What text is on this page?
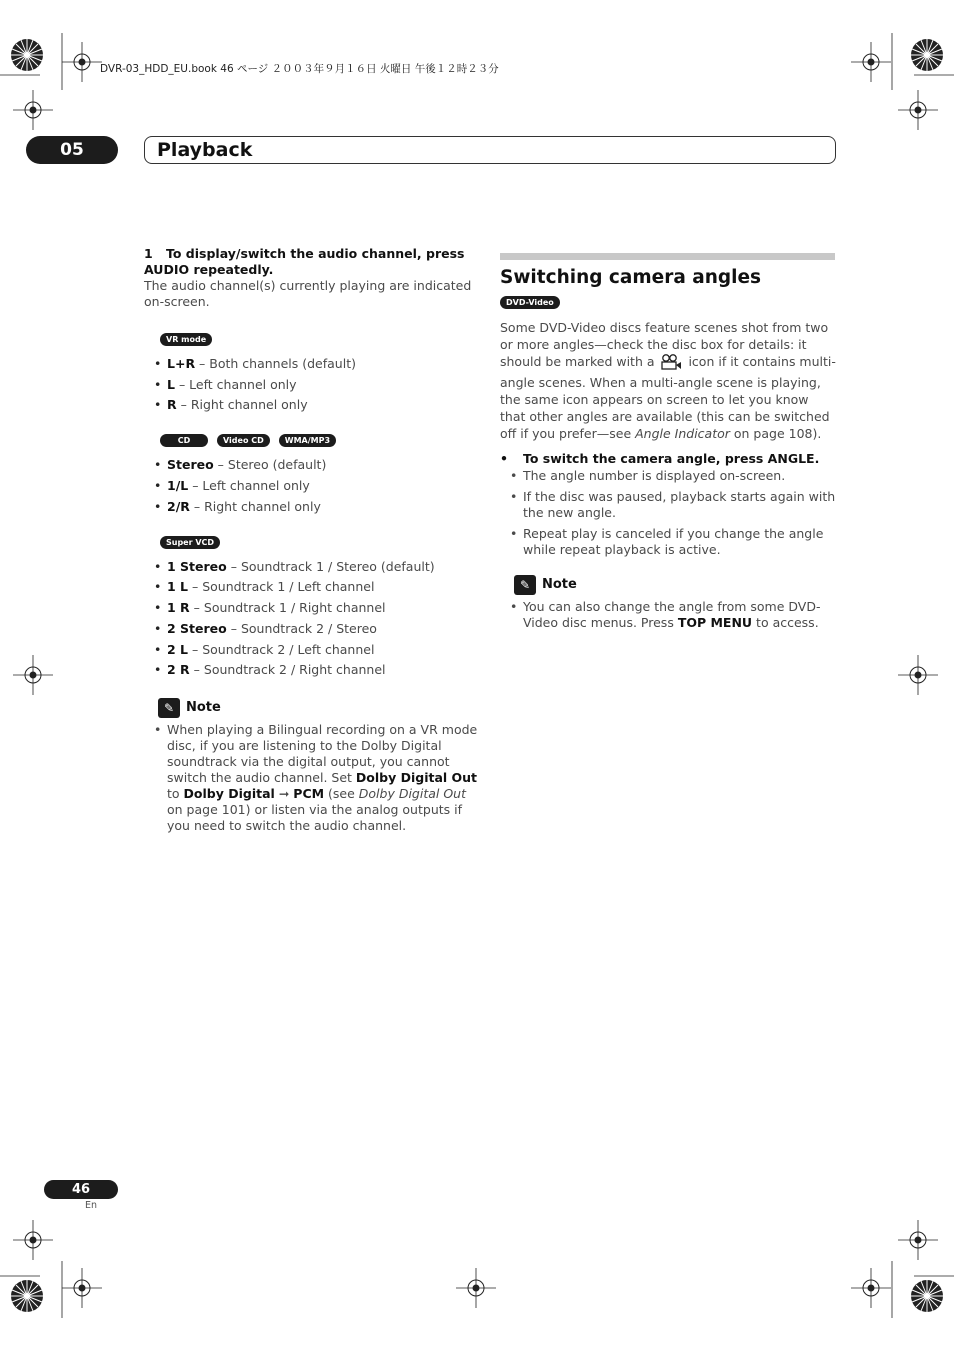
DVR-03_HDD_EU.book 46 ページ ２００３年９月１６日 火曜日 午後１２時２３分
05	Playback

1 To display/switch the audio channel, press AUDIO repeatedly.

The audio channel(s) currently playing are indicated on-screen.

VR mode
• L+R – Both channels (default)
• L – Left channel only
• R – Right channel only
CD	Video CD	WMA/MP3
• Stereo – Stereo (default)
• 1/L – Left channel only
• 2/R – Right channel only
Super VCD
• 1 Stereo – Soundtrack 1 / Stereo (default)
• 1 L – Soundtrack 1 / Left channel
• 1 R – Soundtrack 1 / Right channel
• 2 Stereo – Soundtrack 2 / Stereo
• 2 L – Soundtrack 2 / Left channel
• 2 R – Soundtrack 2 / Right channel
✎ Note
• When playing a Bilingual recording on a VR mode disc, if you are listening to the Dolby Digital soundtrack via the digital output, you cannot switch the audio channel. Set Dolby Digital Out to Dolby Digital ➞ PCM (see Dolby Digital Out on page 101) or listen via the analog outputs if you need to switch the audio channel.
Switching camera angles
DVD-Video

Some DVD-Video discs feature scenes shot from two or more angles—check the disc box for details: it should be marked with a  icon if it contains multi-angle scenes. When a multi-angle scene is playing, the same icon appears on screen to let you know that other angles are available (this can be switched off if you prefer—see Angle Indicator on page 108).

• To switch the camera angle, press ANGLE.
• The angle number is displayed on-screen.
• If the disc was paused, playback starts again with the new angle.
• Repeat play is canceled if you change the angle while repeat playback is active.
✎ Note
• You can also change the angle from some DVD-Video disc menus. Press TOP MENU to access.
46
En
